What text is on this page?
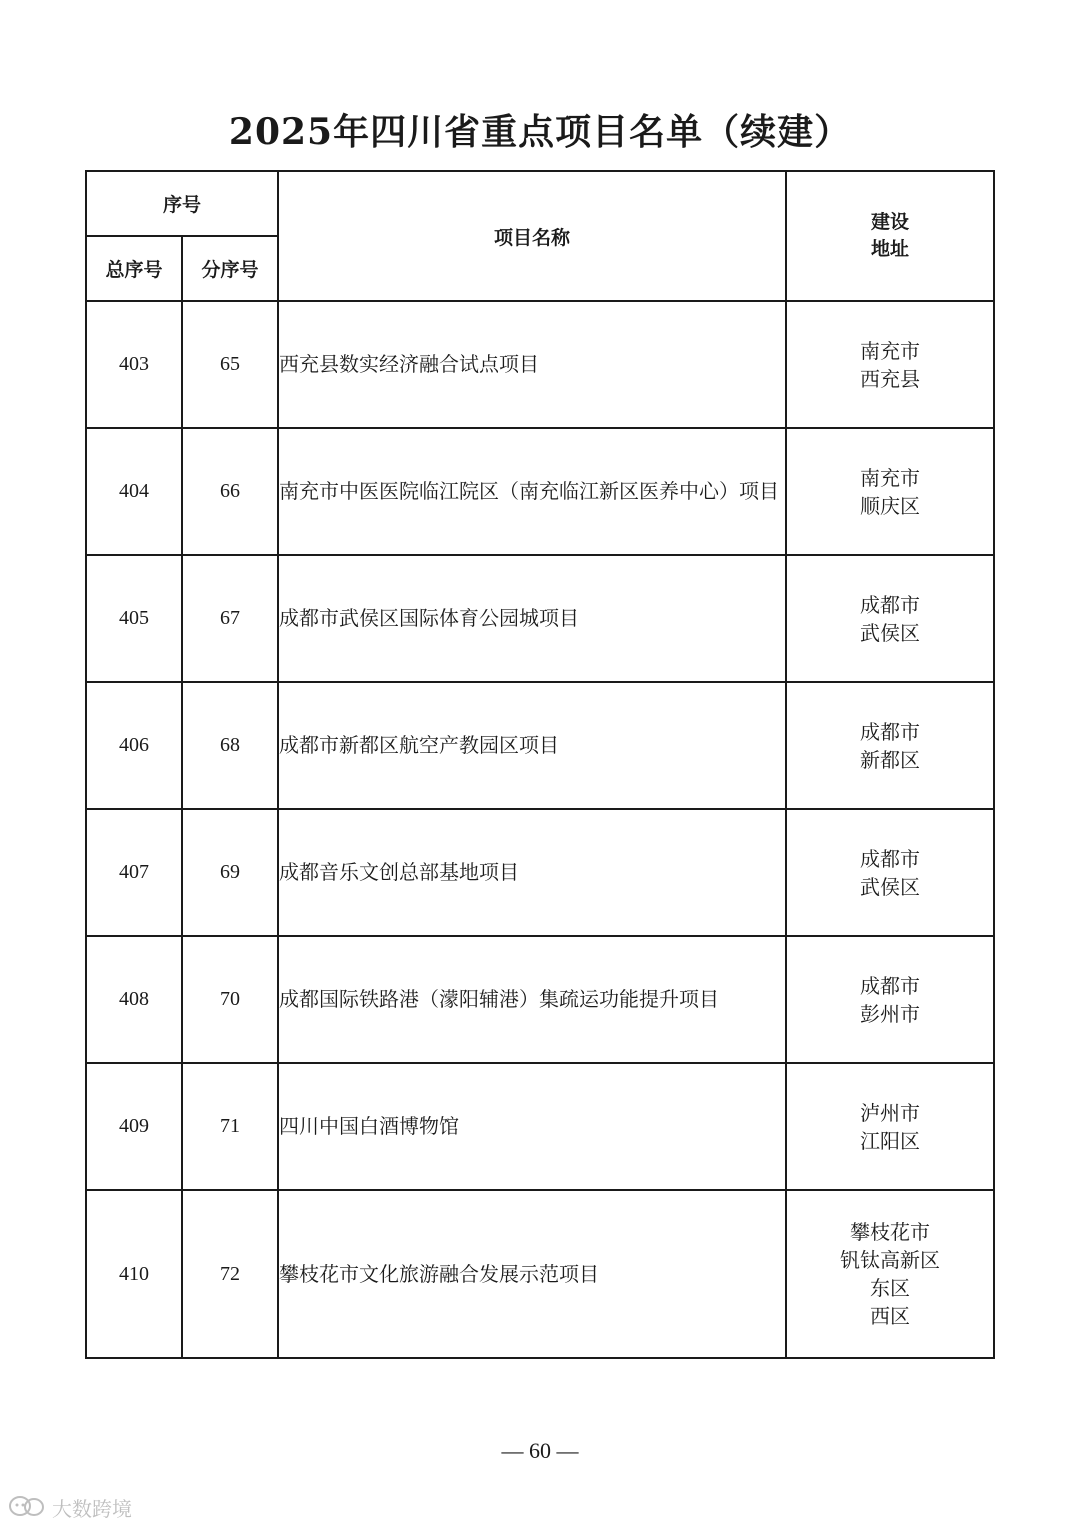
2025年四川省重点项目名单（续建）
序号		项目名称	建设地址
总序号	分序号		
403	65	西充县数实经济融合试点项目	南充市
西充县

404	66	南充市中医医院临江院区（南充临江新区医养中心）项目	南充市
顺庆区

405	67	成都市武侯区国际体育公园城项目	成都市
武侯区

406	68	成都市新都区航空产教园区项目	成都市
新都区

407	69	成都音乐文创总部基地项目	成都市
武侯区

408	70	成都国际铁路港（濛阳辅港）集疏运功能提升项目	成都市
彭州市

409	71	四川中国白酒博物馆	泸州市
江阳区

410	72	攀枝花市文化旅游融合发展示范项目	攀枝花市
钒钛高新区
东区
西区
— 60 —
大数跨境
